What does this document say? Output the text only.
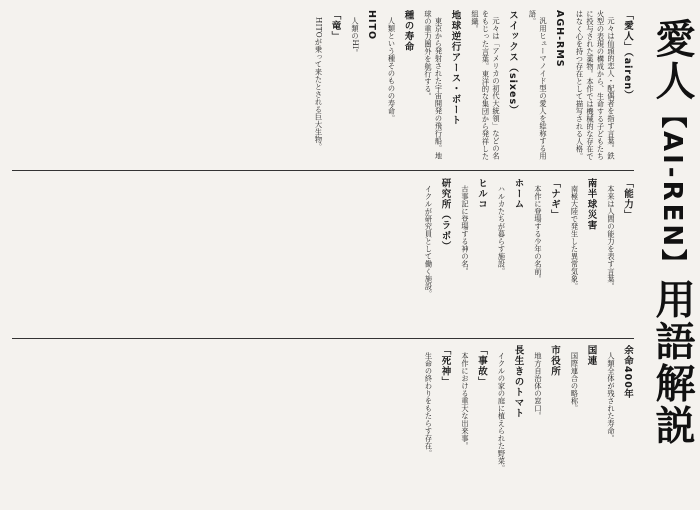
愛人【AI-REN】用語解説
「愛人」（airen）
元々は仙頭的恋人・配偶者を指す言葉。鉄火型の表現の構成から、生命する子どもたちに投与された薬物。本作では機械的な存在ではなく心を持つ存在として描写される人格。
AGH-RMS
汎用ヒューマノイド型の愛人を総称する用語。
スイックス（sixes）
元々は「アメリカの初代大統領」などの名をもじった言葉。東洋的な集団から発祥した組織。
地球逆行アース・ボート
東京から発射された宇宙開発の飛行船。地球の重力圏外を航行する。
種の寿命
人類という種そのものの寿命。
HITO
人類のHI。
「竜」
HITOが乗って来たとされる巨大生物。
「能力」
本来は人間の能力を表す言葉。
南半球災害
南極大陸で発生した異常気象。
「ナギ」
本作に登場する少年の名前。
ホーム
ハルカたちが暮らす施設。
ヒルコ
古事記に登場する神の名。
研究所（ラボ）
イクルが研究員として働く施設。
余命400年
人類全体が残された寿命。
国連
国際連合の略称。
市役所
地方自治体の窓口。
長生きのトマト
イクルの家の庭に植えられた野菜。
「事故」
本作における重大な出来事。
「死神」
生命の終わりをもたらす存在。
